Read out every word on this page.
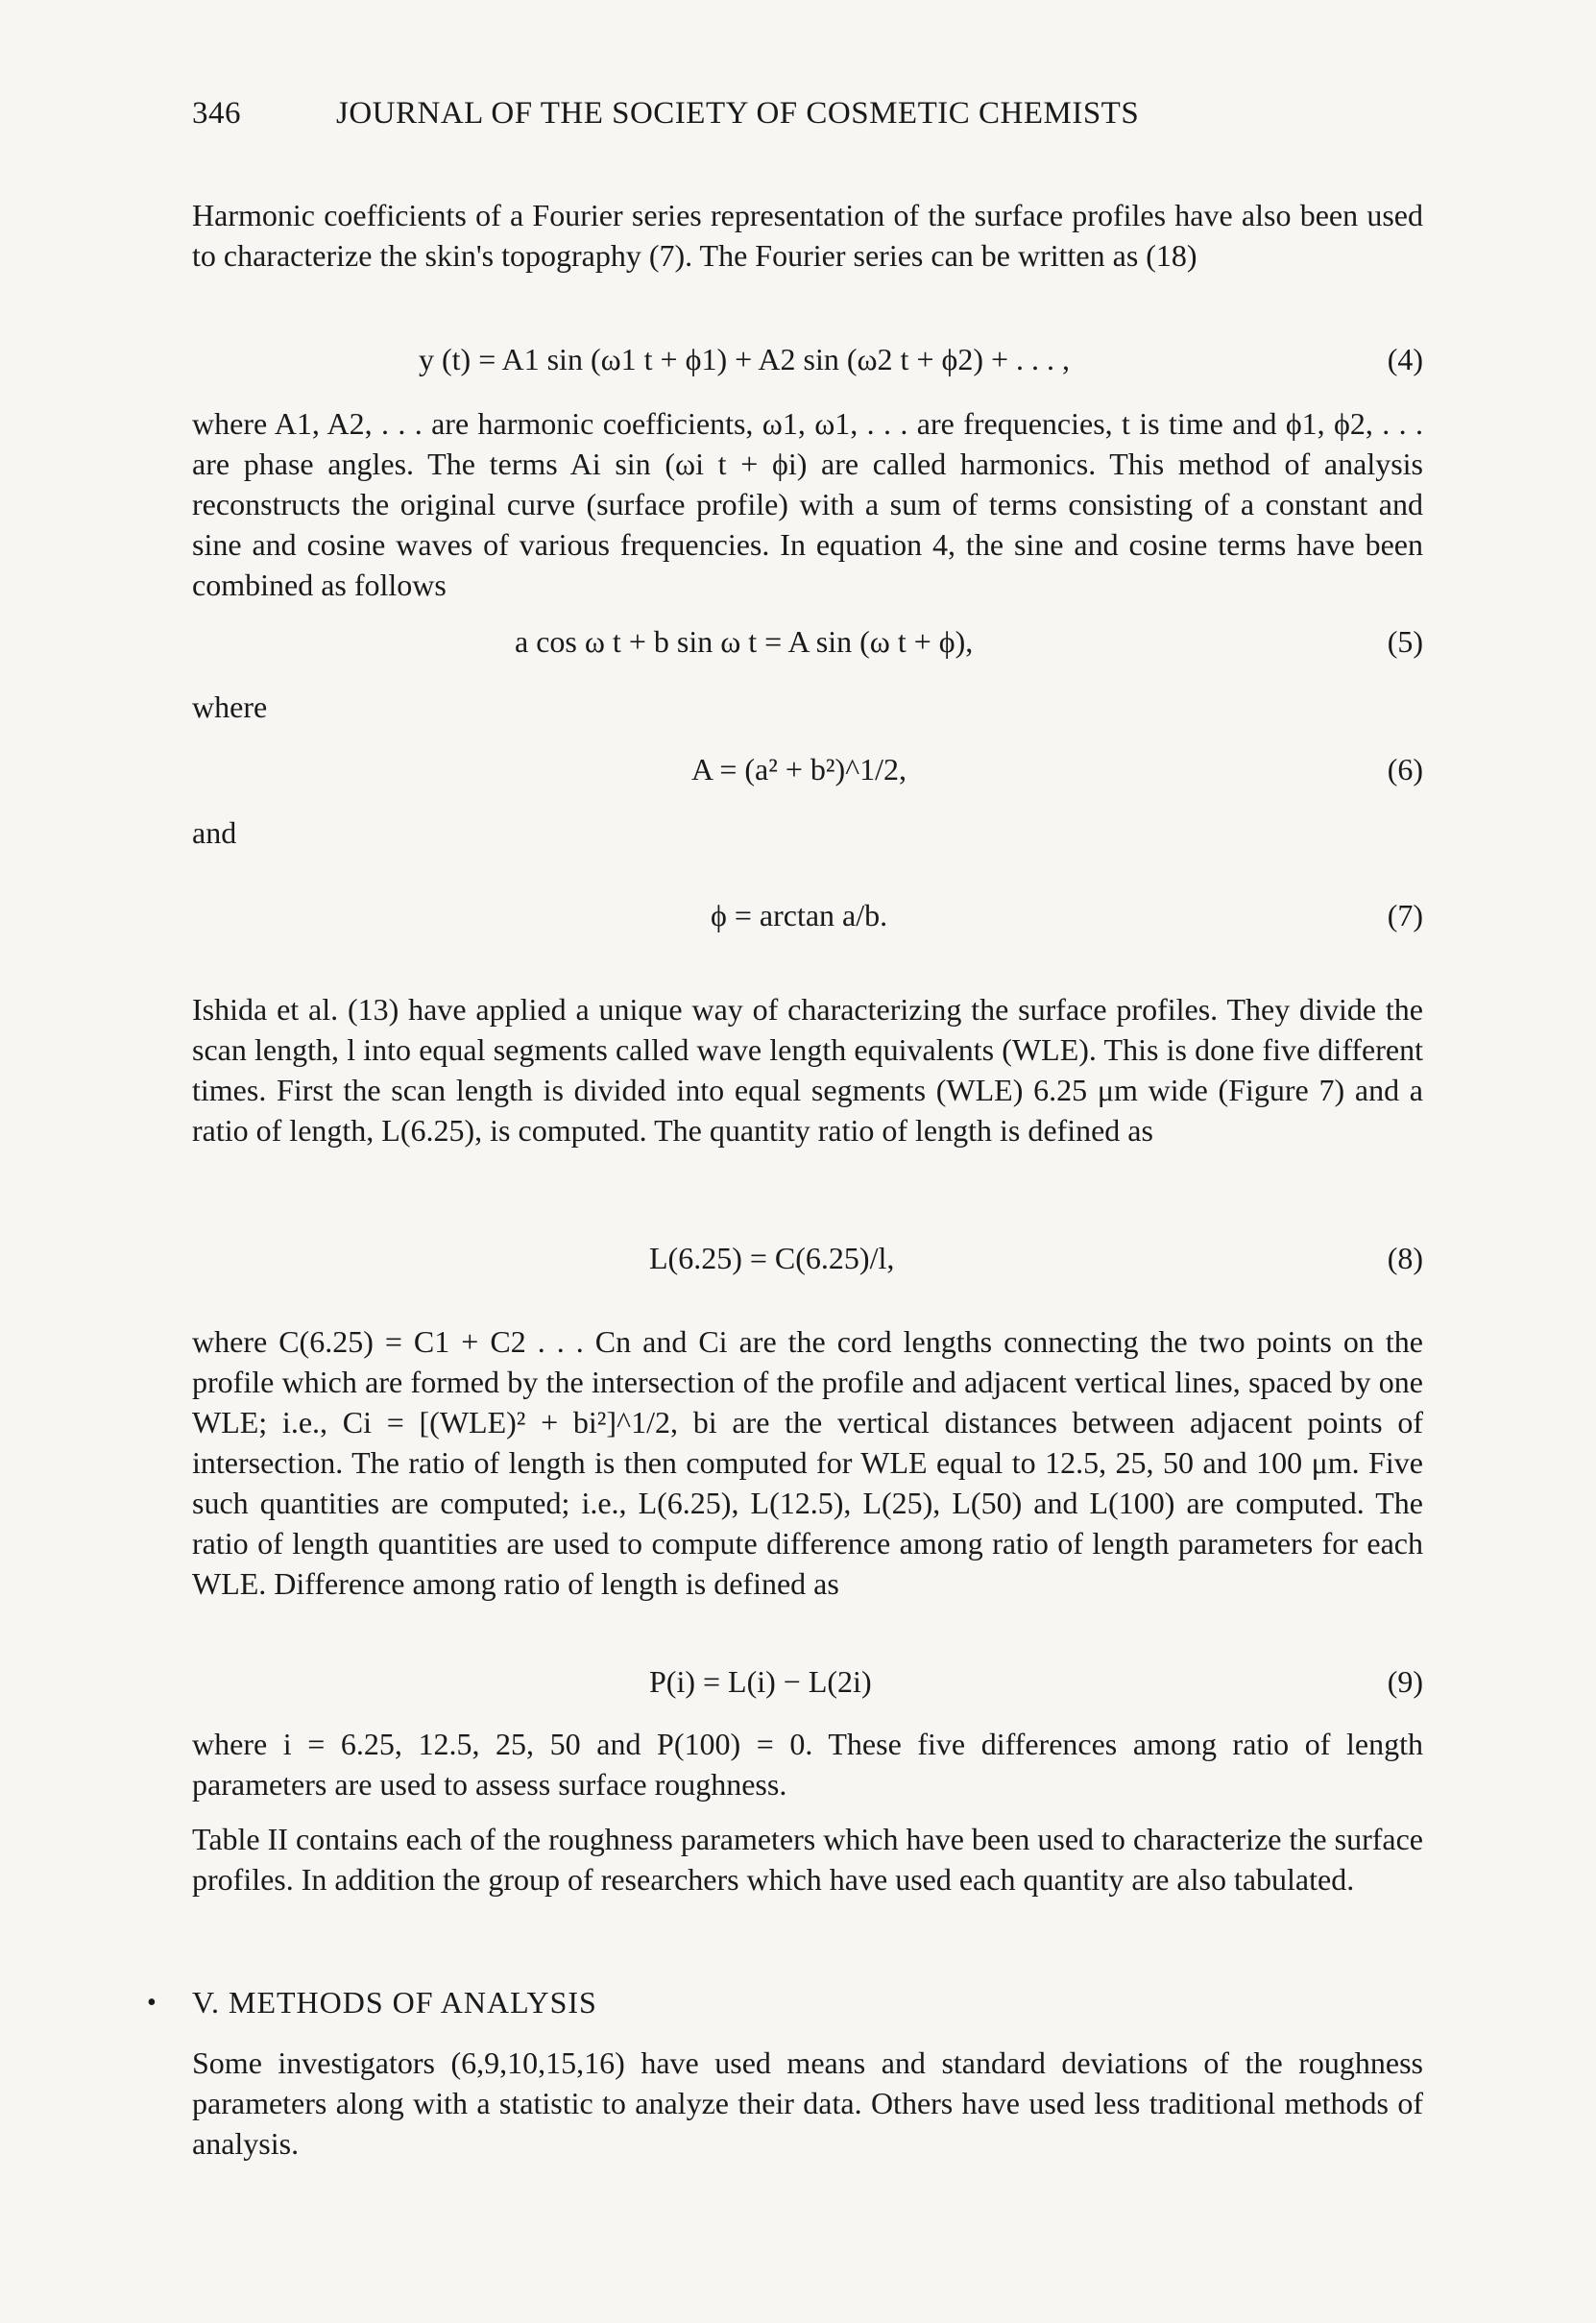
346	JOURNAL OF THE SOCIETY OF COSMETIC CHEMISTS

Harmonic coefficients of a Fourier series representation of the surface profiles have also been used to characterize the skin's topography (7). The Fourier series can be written as (18)

y (t) = A1 sin (ω1 t + ϕ1) + A2 sin (ω2 t + ϕ2) + . . . ,	(4)

where A1, A2, . . . are harmonic coefficients, ω1, ω1, . . . are frequencies, t is time and ϕ1, ϕ2, . . . are phase angles. The terms Ai sin (ωi t + ϕi) are called harmonics. This method of analysis reconstructs the original curve (surface profile) with a sum of terms consisting of a constant and sine and cosine waves of various frequencies. In equation 4, the sine and cosine terms have been combined as follows

a cos ω t + b sin ω t = A sin (ω t + ϕ),	(5)
where
A = (a² + b²)^1/2,	(6)
and
ϕ = arctan a/b.	(7)

Ishida et al. (13) have applied a unique way of characterizing the surface profiles. They divide the scan length, l into equal segments called wave length equivalents (WLE). This is done five different times. First the scan length is divided into equal segments (WLE) 6.25 μm wide (Figure 7) and a ratio of length, L(6.25), is computed. The quantity ratio of length is defined as

L(6.25) = C(6.25)/l,	(8)

where C(6.25) = C1 + C2 . . . Cn and Ci are the cord lengths connecting the two points on the profile which are formed by the intersection of the profile and adjacent vertical lines, spaced by one WLE; i.e., Ci = [(WLE)² + bi²]^1/2, bi are the vertical distances between adjacent points of intersection. The ratio of length is then computed for WLE equal to 12.5, 25, 50 and 100 μm. Five such quantities are computed; i.e., L(6.25), L(12.5), L(25), L(50) and L(100) are computed. The ratio of length quantities are used to compute difference among ratio of length parameters for each WLE. Difference among ratio of length is defined as

P(i) = L(i) − L(2i)	(9)

where i = 6.25, 12.5, 25, 50 and P(100) = 0. These five differences among ratio of length parameters are used to assess surface roughness.

Table II contains each of the roughness parameters which have been used to characterize the surface profiles. In addition the group of researchers which have used each quantity are also tabulated.

• V. METHODS OF ANALYSIS

Some investigators (6,9,10,15,16) have used means and standard deviations of the roughness parameters along with a statistic to analyze their data. Others have used less traditional methods of analysis.
